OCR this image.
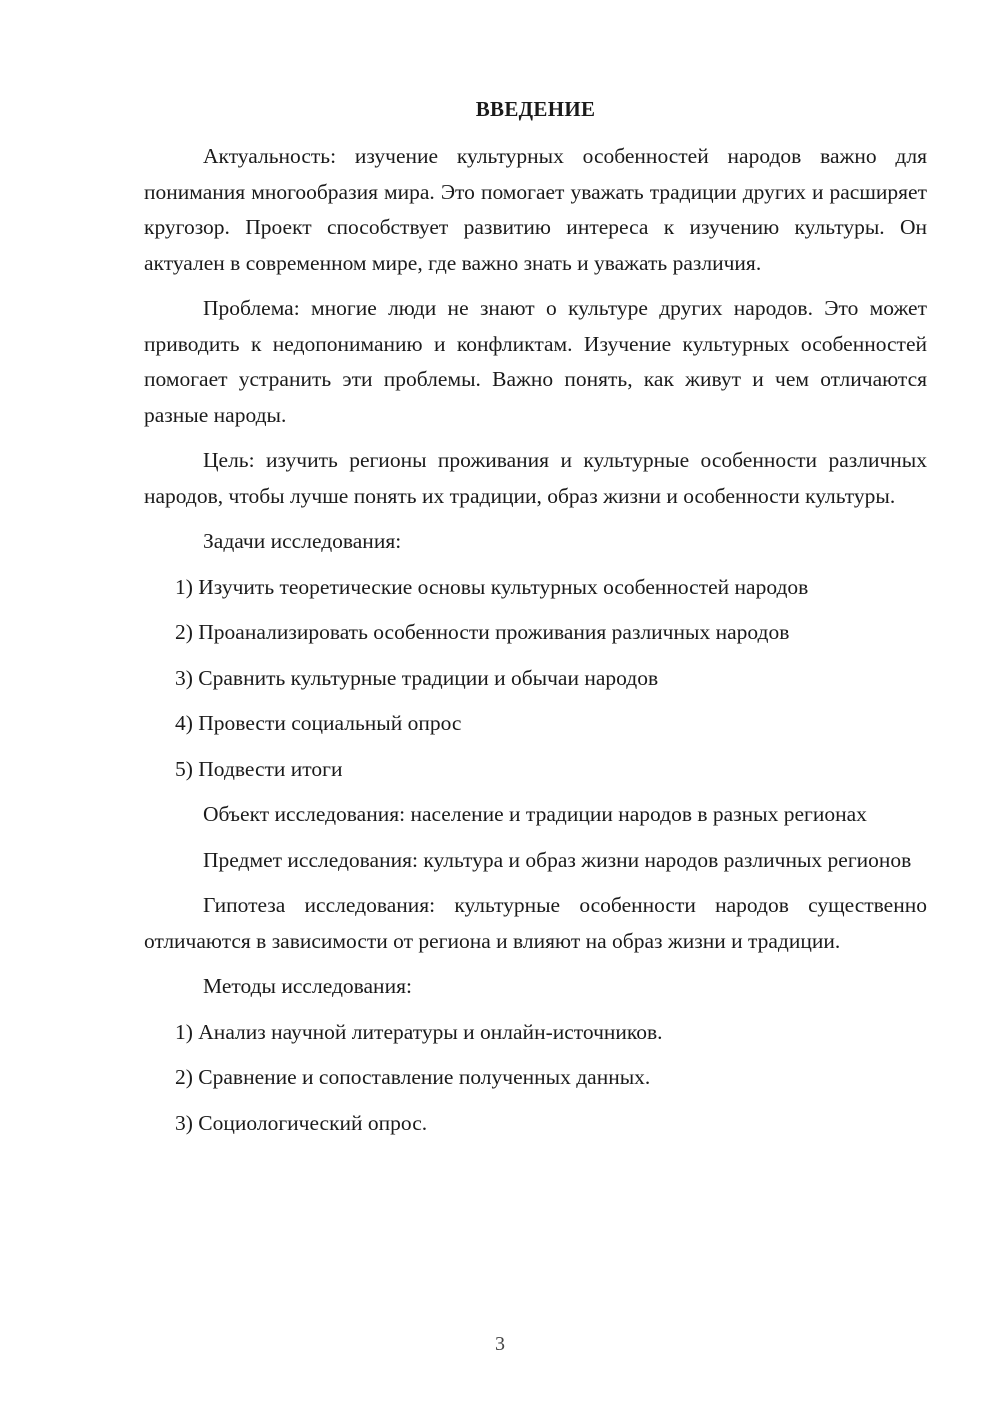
ВВЕДЕНИЕ

Актуальность: изучение культурных особенностей народов важно для понимания многообразия мира. Это помогает уважать традиции других и расширяет кругозор. Проект способствует развитию интереса к изучению культуры. Он актуален в современном мире, где важно знать и уважать различия.

Проблема: многие люди не знают о культуре других народов. Это может приводить к недопониманию и конфликтам. Изучение культурных особенностей помогает устранить эти проблемы. Важно понять, как живут и чем отличаются разные народы.

Цель: изучить регионы проживания и культурные особенности различных народов, чтобы лучше понять их традиции, образ жизни и особенности культуры.

Задачи исследования:

1) Изучить теоретические основы культурных особенностей народов
2) Проанализировать особенности проживания различных народов
3) Сравнить культурные традиции и обычаи народов
4) Провести социальный опрос
5) Подвести итоги

Объект исследования: население и традиции народов в разных регионах

Предмет исследования: культура и образ жизни народов различных регионов

Гипотеза исследования: культурные особенности народов существенно отличаются в зависимости от региона и влияют на образ жизни и традиции.

Методы исследования:

1) Анализ научной литературы и онлайн-источников.
2) Сравнение и сопоставление полученных данных.
3) Социологический опрос.
3
